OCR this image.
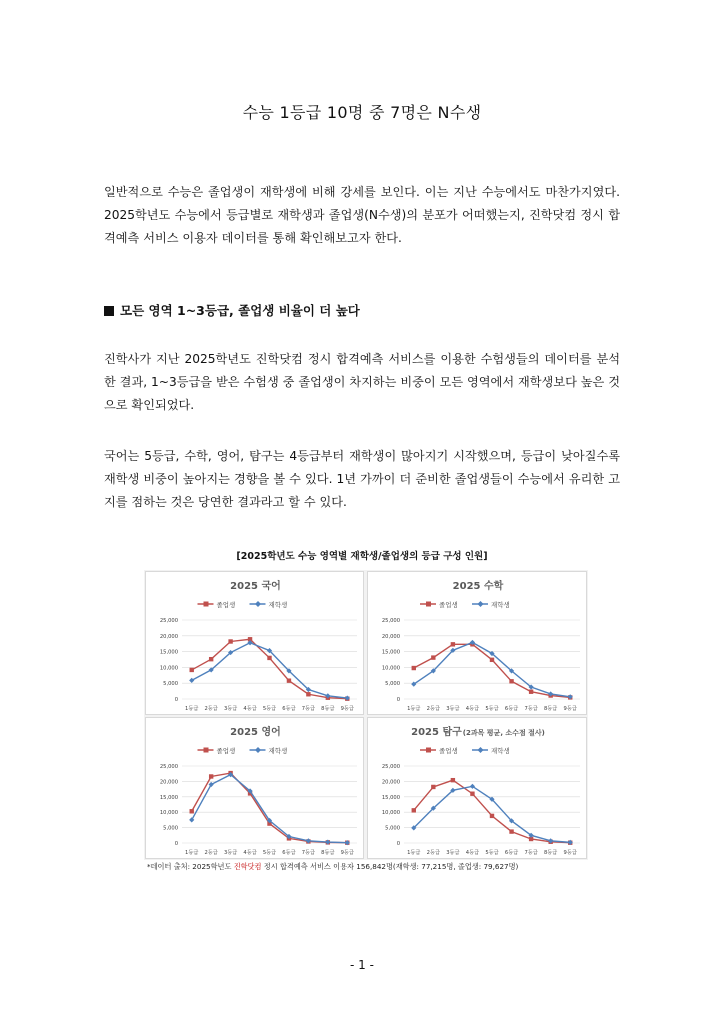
수능 1등급 10명 중 7명은 N수생

일반적으로 수능은 졸업생이 재학생에 비해 강세를 보인다. 이는 지난 수능에서도 마찬가지였다. 2025학년도 수능에서 등급별로 재학생과 졸업생(N수생)의 분포가 어떠했는지, 진학닷컴 정시 합격예측 서비스 이용자 데이터를 통해 확인해보고자 한다.

모든 영역 1~3등급, 졸업생 비율이 더 높다

진학사가 지난 2025학년도 진학닷컴 정시 합격예측 서비스를 이용한 수험생들의 데이터를 분석한 결과, 1~3등급을 받은 수험생 중 졸업생이 차지하는 비중이 모든 영역에서 재학생보다 높은 것으로 확인되었다.

국어는 5등급, 수학, 영어, 탐구는 4등급부터 재학생이 많아지기 시작했으며, 등급이 낮아질수록 재학생 비중이 높아지는 경향을 볼 수 있다. 1년 가까이 더 준비한 졸업생들이 수능에서 유리한 고지를 점하는 것은 당연한 결과라고 할 수 있다.

[2025학년도 수능 영역별 재학생/졸업생의 등급 구성 인원]
2025 국어
졸업생	재학생
0
5,000
10,000
15,000
20,000
25,000
1등급 2등급 3등급 4등급 5등급 6등급 7등급 8등급 9등급
2025 수학
졸업생	재학생
0
5,000
10,000
15,000
20,000
25,000
1등급 2등급 3등급 4등급 5등급 6등급 7등급 8등급 9등급
2025 영어
졸업생	재학생
0
5,000
10,000
15,000
20,000
25,000
1등급 2등급 3등급 4등급 5등급 6등급 7등급 8등급 9등급
2025 탐구(2과목 평균, 소수점 절사)
졸업생	재학생
0
5,000
10,000
15,000
20,000
25,000
1등급 2등급 3등급 4등급 5등급 6등급 7등급 8등급 9등급
*데이터 출처: 2025학년도 진학닷컴 정시 합격예측 서비스 이용자 156,842명(재학생: 77,215명, 졸업생: 79,627명)
- 1 -
